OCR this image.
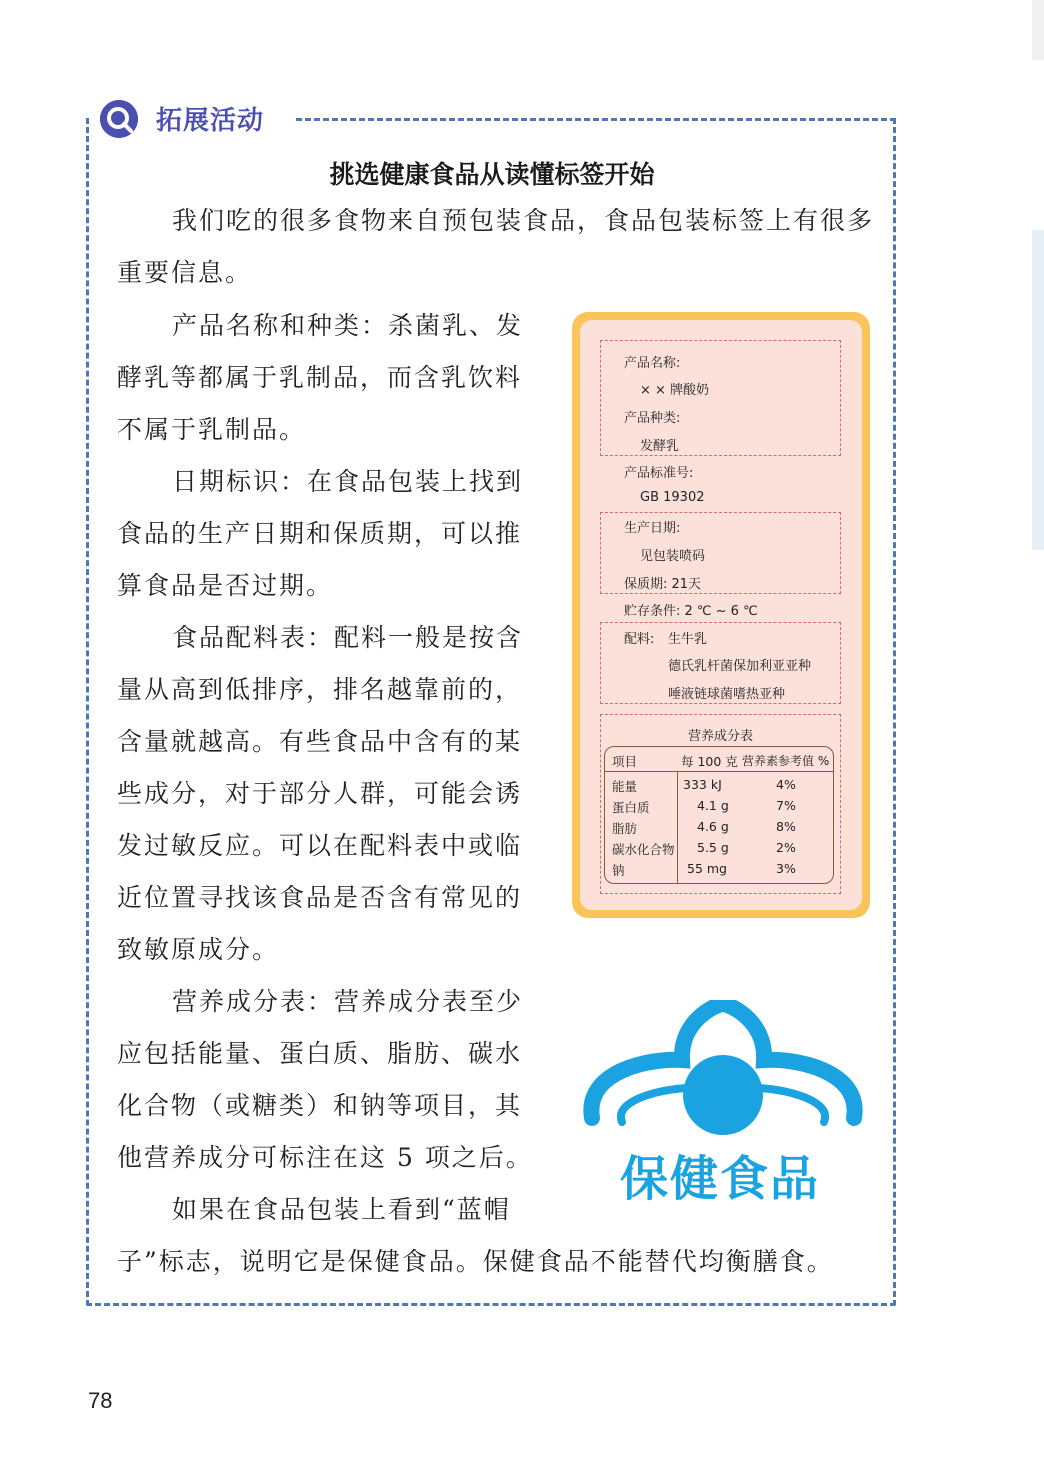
拓展活动
挑选健康食品从读懂标签开始

我们吃的很多食物来自预包装食品，食品包装标签上有很多
重要信息。

产品名称和种类：杀菌乳、发
酵乳等都属于乳制品，而含乳饮料
不属于乳制品。

日期标识：在食品包装上找到
食品的生产日期和保质期，可以推
算食品是否过期。

食品配料表：配料一般是按含
量从高到低排序，排名越靠前的，
含量就越高。有些食品中含有的某
些成分，对于部分人群，可能会诱
发过敏反应。可以在配料表中或临
近位置寻找该食品是否含有常见的
致敏原成分。

营养成分表：营养成分表至少
应包括能量、蛋白质、脂肪、碳水
化合物（或糖类）和钠等项目，其
他营养成分可标注在这 5 项之后。

如果在食品包装上看到“蓝帽
子”标志，说明它是保健食品。保健食品不能替代均衡膳食。

产品名称:
× × 牌酸奶
产品种类:
发酵乳
产品标准号:
GB 19302
生产日期:
见包装喷码
保质期: 21天
贮存条件: 2 ℃ ~ 6 ℃
配料: 生牛乳
德氏乳杆菌保加利亚亚种
唾液链球菌嗜热亚种
营养成分表
项目	每 100 克 营养素参考值 %
能量	333 kJ	4%
蛋白质	4.1 g	7%
脂肪	4.6 g	8%
碳水化合物 5.5 g	2%
钠	55 mg	3%
保健食品
78
